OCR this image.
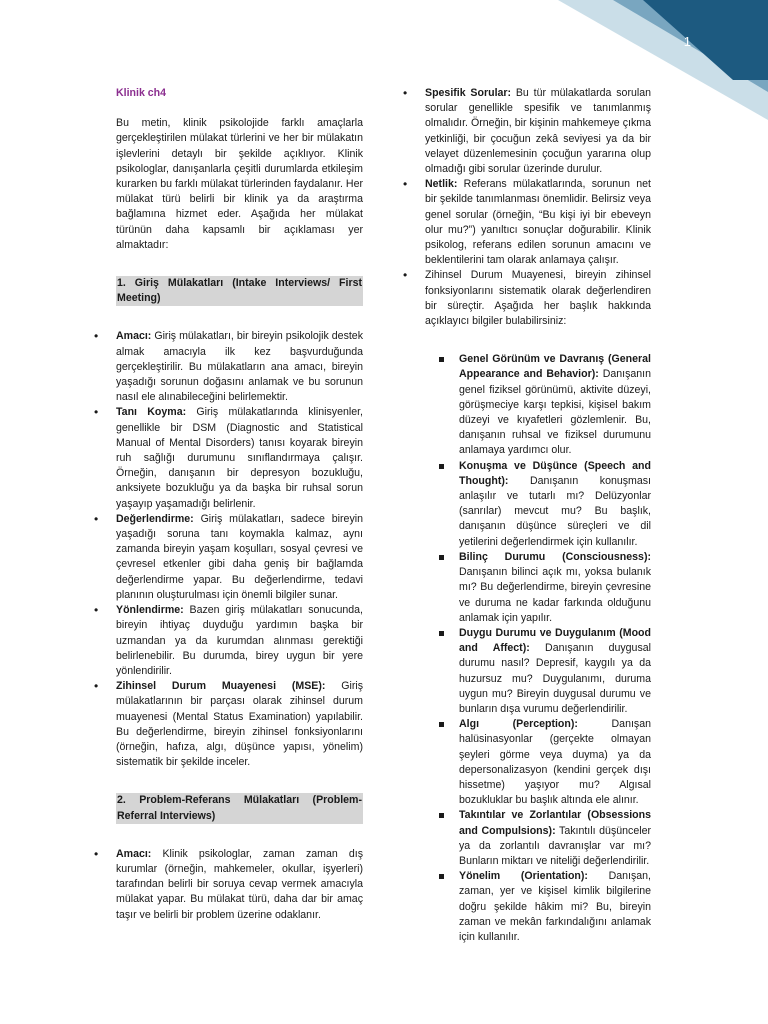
1
Klinik ch4

Bu metin, klinik psikolojide farklı amaçlarla gerçekleştirilen mülakat türlerini ve her bir mülakatın işlevlerini detaylı bir şekilde açıklıyor. Klinik psikologlar, danışanlarla çeşitli durumlarda etkileşim kurarken bu farklı mülakat türlerinden faydalanır. Her mülakat türü belirli bir klinik ya da araştırma bağlamına hizmet eder. Aşağıda her mülakat türünün daha kapsamlı bir açıklaması yer almaktadır:

1. Giriş Mülakatları (Intake Interviews/ First Meeting)
• Amacı: Giriş mülakatları, bir bireyin psikolojik destek almak amacıyla ilk kez başvurduğunda gerçekleştirilir. Bu mülakatların ana amacı, bireyin yaşadığı sorunun doğasını anlamak ve bu sorunun nasıl ele alınabileceğini belirlemektir.
• Tanı Koyma: Giriş mülakatlarında klinisyenler, genellikle bir DSM (Diagnostic and Statistical Manual of Mental Disorders) tanısı koyarak bireyin ruh sağlığı durumunu sınıflandırmaya çalışır. Örneğin, danışanın bir depresyon bozukluğu, anksiyete bozukluğu ya da başka bir ruhsal sorun yaşayıp yaşamadığı belirlenir.
• Değerlendirme: Giriş mülakatları, sadece bireyin yaşadığı soruna tanı koymakla kalmaz, aynı zamanda bireyin yaşam koşulları, sosyal çevresi ve çevresel etkenler gibi daha geniş bir bağlamda değerlendirme yapar. Bu değerlendirme, tedavi planının oluşturulması için önemli bilgiler sunar.
• Yönlendirme: Bazen giriş mülakatları sonucunda, bireyin ihtiyaç duyduğu yardımın başka bir uzmandan ya da kurumdan alınması gerektiği belirlenebilir. Bu durumda, birey uygun bir yere yönlendirilir.
• Zihinsel Durum Muayenesi (MSE): Giriş mülakatlarının bir parçası olarak zihinsel durum muayenesi (Mental Status Examination) yapılabilir. Bu değerlendirme, bireyin zihinsel fonksiyonlarını (örneğin, hafıza, algı, düşünce yapısı, yönelim) sistematik bir şekilde inceler.
2. Problem-Referans Mülakatları (Problem-Referral Interviews)
• Amacı: Klinik psikologlar, zaman zaman dış kurumlar (örneğin, mahkemeler, okullar, işyerleri) tarafından belirli bir soruya cevap vermek amacıyla mülakat yapar. Bu mülakat türü, daha dar bir amaç taşır ve belirli bir problem üzerine odaklanır.
• Spesifik Sorular: Bu tür mülakatlarda sorulan sorular genellikle spesifik ve tanımlanmış olmalıdır. Örneğin, bir kişinin mahkemeye çıkma yetkinliği, bir çocuğun zekâ seviyesi ya da bir velayet düzenlemesinin çocuğun yararına olup olmadığı gibi sorular üzerinde durulur.
• Netlik: Referans mülakatlarında, sorunun net bir şekilde tanımlanması önemlidir. Belirsiz veya genel sorular (örneğin, “Bu kişi iyi bir ebeveyn olur mu?”) yanıltıcı sonuçlar doğurabilir. Klinik psikolog, referans edilen sorunun amacını ve beklentilerini tam olarak anlamaya çalışır.
• Zihinsel Durum Muayenesi, bireyin zihinsel fonksiyonlarını sistematik olarak değerlendiren bir süreçtir. Aşağıda her başlık hakkında açıklayıcı bilgiler bulabilirsiniz:
Genel Görünüm ve Davranış (General Appearance and Behavior): Danışanın genel fiziksel görünümü, aktivite düzeyi, görüşmeciye karşı tepkisi, kişisel bakım düzeyi ve kıyafetleri gözlemlenir. Bu, danışanın ruhsal ve fiziksel durumunu anlamaya yardımcı olur.
Konuşma ve Düşünce (Speech and Thought): Danışanın konuşması anlaşılır ve tutarlı mı? Delüzyonlar (sanrılar) mevcut mu? Bu başlık, danışanın düşünce süreçleri ve dil yetilerini değerlendirmek için kullanılır.
Bilinç Durumu (Consciousness): Danışanın bilinci açık mı, yoksa bulanık mı? Bu değerlendirme, bireyin çevresine ve duruma ne kadar farkında olduğunu anlamak için yapılır.
Duygu Durumu ve Duygulanım (Mood and Affect): Danışanın duygusal durumu nasıl? Depresif, kaygılı ya da huzursuz mu? Duygulanımı, duruma uygun mu? Bireyin duygusal durumu ve bunların dışa vurumu değerlendirilir.
Algı (Perception): Danışan halüsinasyonlar (gerçekte olmayan şeyleri görme veya duyma) ya da depersonalizasyon (kendini gerçek dışı hissetme) yaşıyor mu? Algısal bozukluklar bu başlık altında ele alınır.
Takıntılar ve Zorlantılar (Obsessions and Compulsions): Takıntılı düşünceler ya da zorlantılı davranışlar var mı? Bunların miktarı ve niteliği değerlendirilir.
Yönelim (Orientation): Danışan, zaman, yer ve kişisel kimlik bilgilerine doğru şekilde hâkim mi? Bu, bireyin zaman ve mekân farkındalığını anlamak için kullanılır.
